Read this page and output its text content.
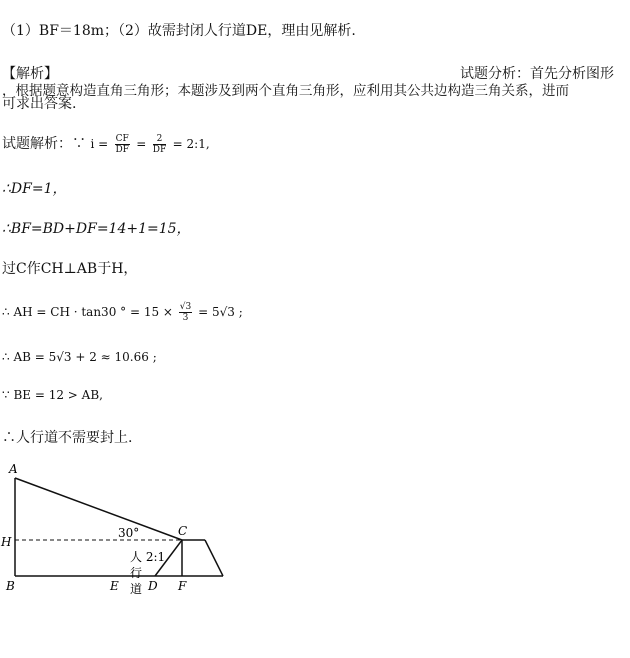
（1）BF＝18m；（2）故需封闭人行道DE，理由见解析.
【解析】	试题分析：首先分析图形
，根据题意构造直角三角形；本题涉及到两个直角三角形，应利用其公共边构造三角关系，进而
可求出答案.
试题解析：∵ $i = \frac{CF}{DF} = \frac{2}{DF}$ = 2:1,
∴DF=1，
∴BF=BD+DF=14+1=15，
过C作CH⊥AB于H，
∴ AH = CH · tan30 ° = $15 \times \frac{√3}{3} = 5√3$ ;
∴ AB = 5√3 + 2 ≈ 10.66 ;
∵ BE = 12 > AB,
∴人行道不需要封上.
A
H
B	E D F
C
30°
人 2:1
行
道
